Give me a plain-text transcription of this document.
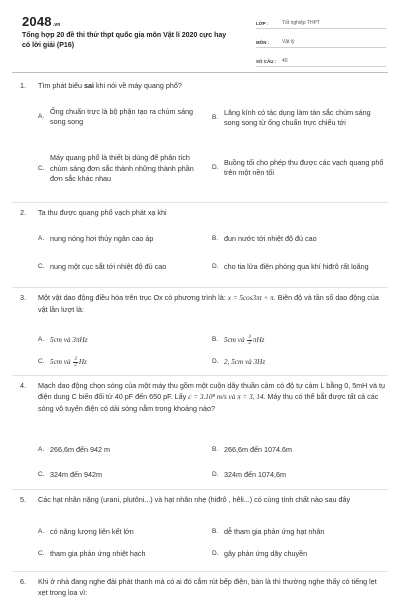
2048.vn
Tổng hợp 20 đề thi thử thpt quốc gia môn Vật lí 2020 cực hay có lời giải (P16)
LỚP :	Tốt nghiệp THPT
MÔN :	Vật lý
SỐ CÂU :	40
1. Tìm phát biểu sai khi nói về máy quang phổ?
A.
Ống chuẩn trực là bộ phận tạo ra chùm sáng song song	B.
Lăng kính có tác dụng làm tán sắc chùm sáng song song từ ống chuẩn trực chiếu tới
C.
Máy quang phổ là thiết bị dùng để phân tích chùm sáng đơn sắc thành những thành phần đơn sắc khác nhau
D.
Buồng tối cho phép thu được các vạch quang phổ trên một nền tối
2. Ta thu được quang phổ vạch phát xạ khi
A. nung nóng hơi thủy ngân cao áp	B. đun nước tới nhiệt độ đủ cao
C. nung một cục sắt tới nhiệt độ đủ cao	D. cho tia lửa điện phóng qua khí hiđrô rất loãng
3. Một vật dao động điều hòa trên trục Ox có phương trình là: x = 5cos3πt + π. Biên độ và tần số dao động của vật lần lượt là:
A. 5cm và 3πHz	B. 5cm và $\frac{3}{2}$ πHz
C. 5cm và $\frac{3}{2}$ Hz	D. 2, 5cm và 3Hz
4. Mạch dao động chọn sóng của một máy thu gồm một cuộn dây thuần cảm có độ tự cảm L bằng 0, 5mH và tụ điện dung C biến đổi từ 40 pF đến 650 pF. Lấy c = 3.10⁸ m/s và π = 3, 14. Máy thu có thể bắt được tất cả các sóng vô tuyến điện có dải sóng nằm trong khoảng nào?
A. 266,6m đến 942 m	B. 266,6m đến 1074.6m
C. 324m đến 942m	D. 324m đến 1074,6m
5. Các hạt nhân nặng (urani, plutôni...) và hạt nhân nhẹ (hiđrô , hêli...) có cùng tính chất nào sau đây
A. có năng lượng liên kết lớn	B. dễ tham gia phản ứng hạt nhân
C. tham gia phản ứng nhiệt hạch	D. gây phản ứng dây chuyền
6. Khi ở nhà đang nghe đài phát thanh mà có ai đó cắm rút bếp điện, bàn là thì thường nghe thấy có tiếng lẹt xẹt trong loa vì:
